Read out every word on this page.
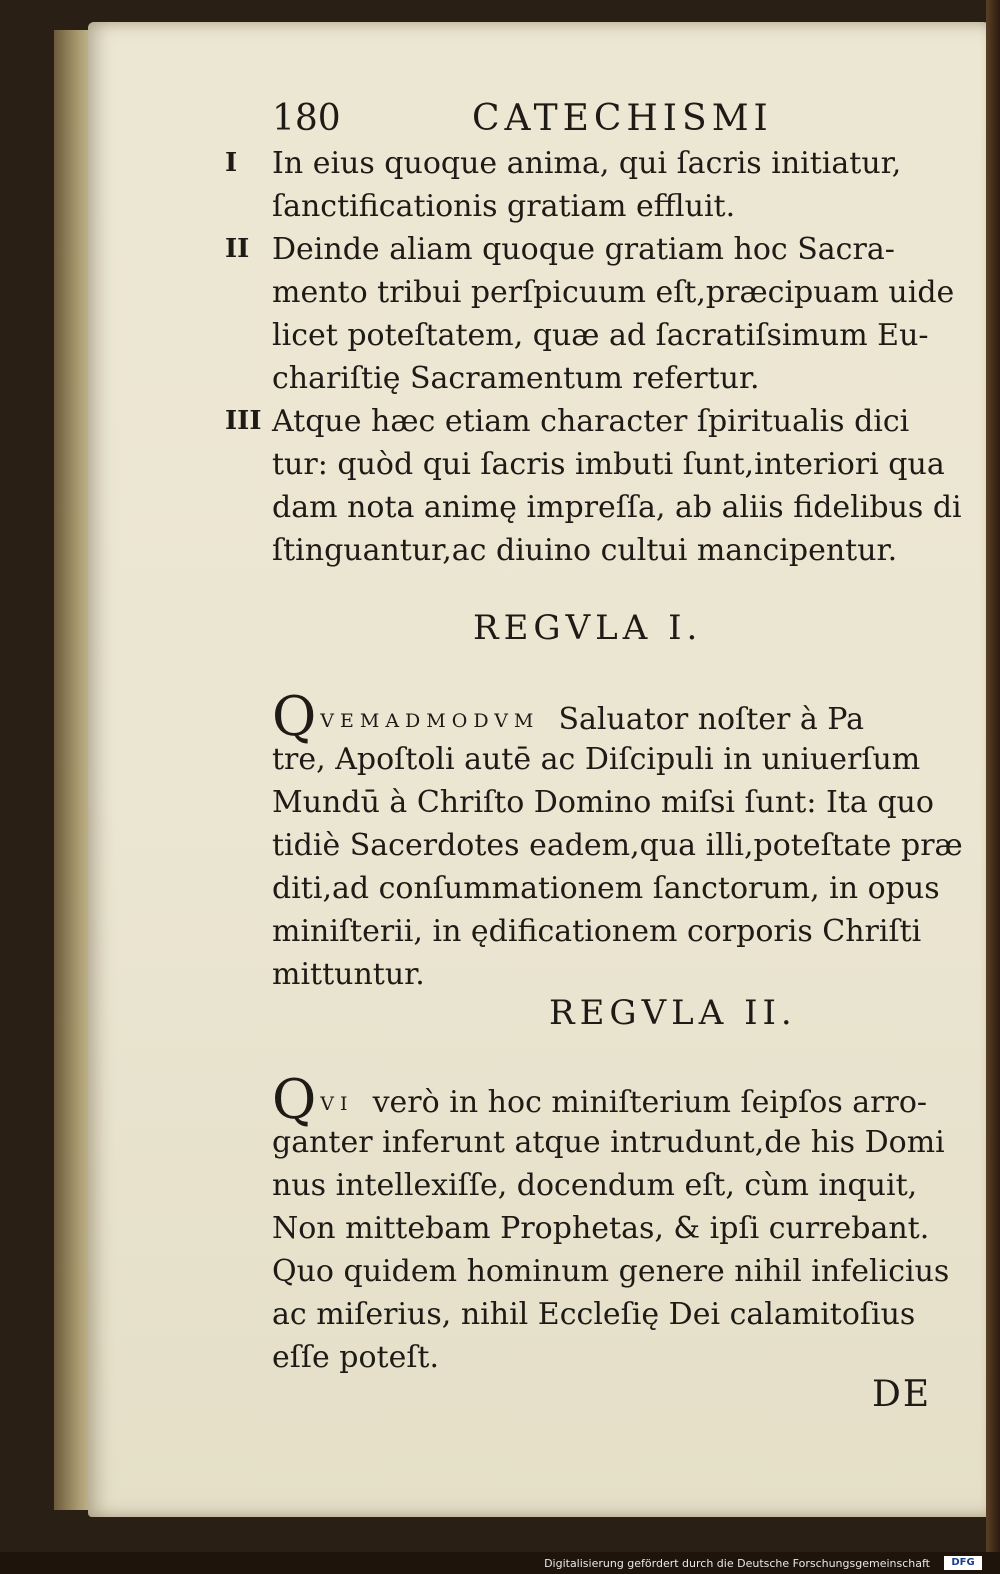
180	CATECHISMI
I In eius quoque anima, qui ſacris initiatur,
ſanctificationis gratiam effluit.
II Deinde aliam quoque gratiam hoc Sacra-
mento tribui perſpicuum eſt,præcipuam uide
licet poteſtatem, quæ ad ſacratiſsimum Eu-
chariſtię Sacramentum refertur.
III Atque hæc etiam character ſpiritualis dici
tur: quòd qui ſacris imbuti ſunt,interiori qua
dam nota animę impreſſa, ab aliis fidelibus di
ſtinguantur,ac diuino cultui mancipentur.
REGVLA I.
QVEMADMODVM Saluator noſter à Pa
tre, Apoſtoli autē ac Diſcipuli in uniuerſum
Mundū à Chriſto Domino miſsi ſunt: Ita quo
tidiè Sacerdotes eadem,qua illi,poteſtate præ
diti,ad conſummationem ſanctorum, in opus
miniſterii, in ędificationem corporis Chriſti
mittuntur.
REGVLA II.
QVI verò in hoc miniſterium ſeipſos arro-
ganter inferunt atque intrudunt,de his Domi
nus intellexiſſe, docendum eſt, cùm inquit,
Non mittebam Prophetas, & ipſi currebant.
Quo quidem hominum genere nihil infelicius
ac miſerius, nihil Eccleſię Dei calamitoſius
eſſe poteſt.
DE
Digitalisierung gefördert durch die Deutsche Forschungsgemeinschaft	DFG
